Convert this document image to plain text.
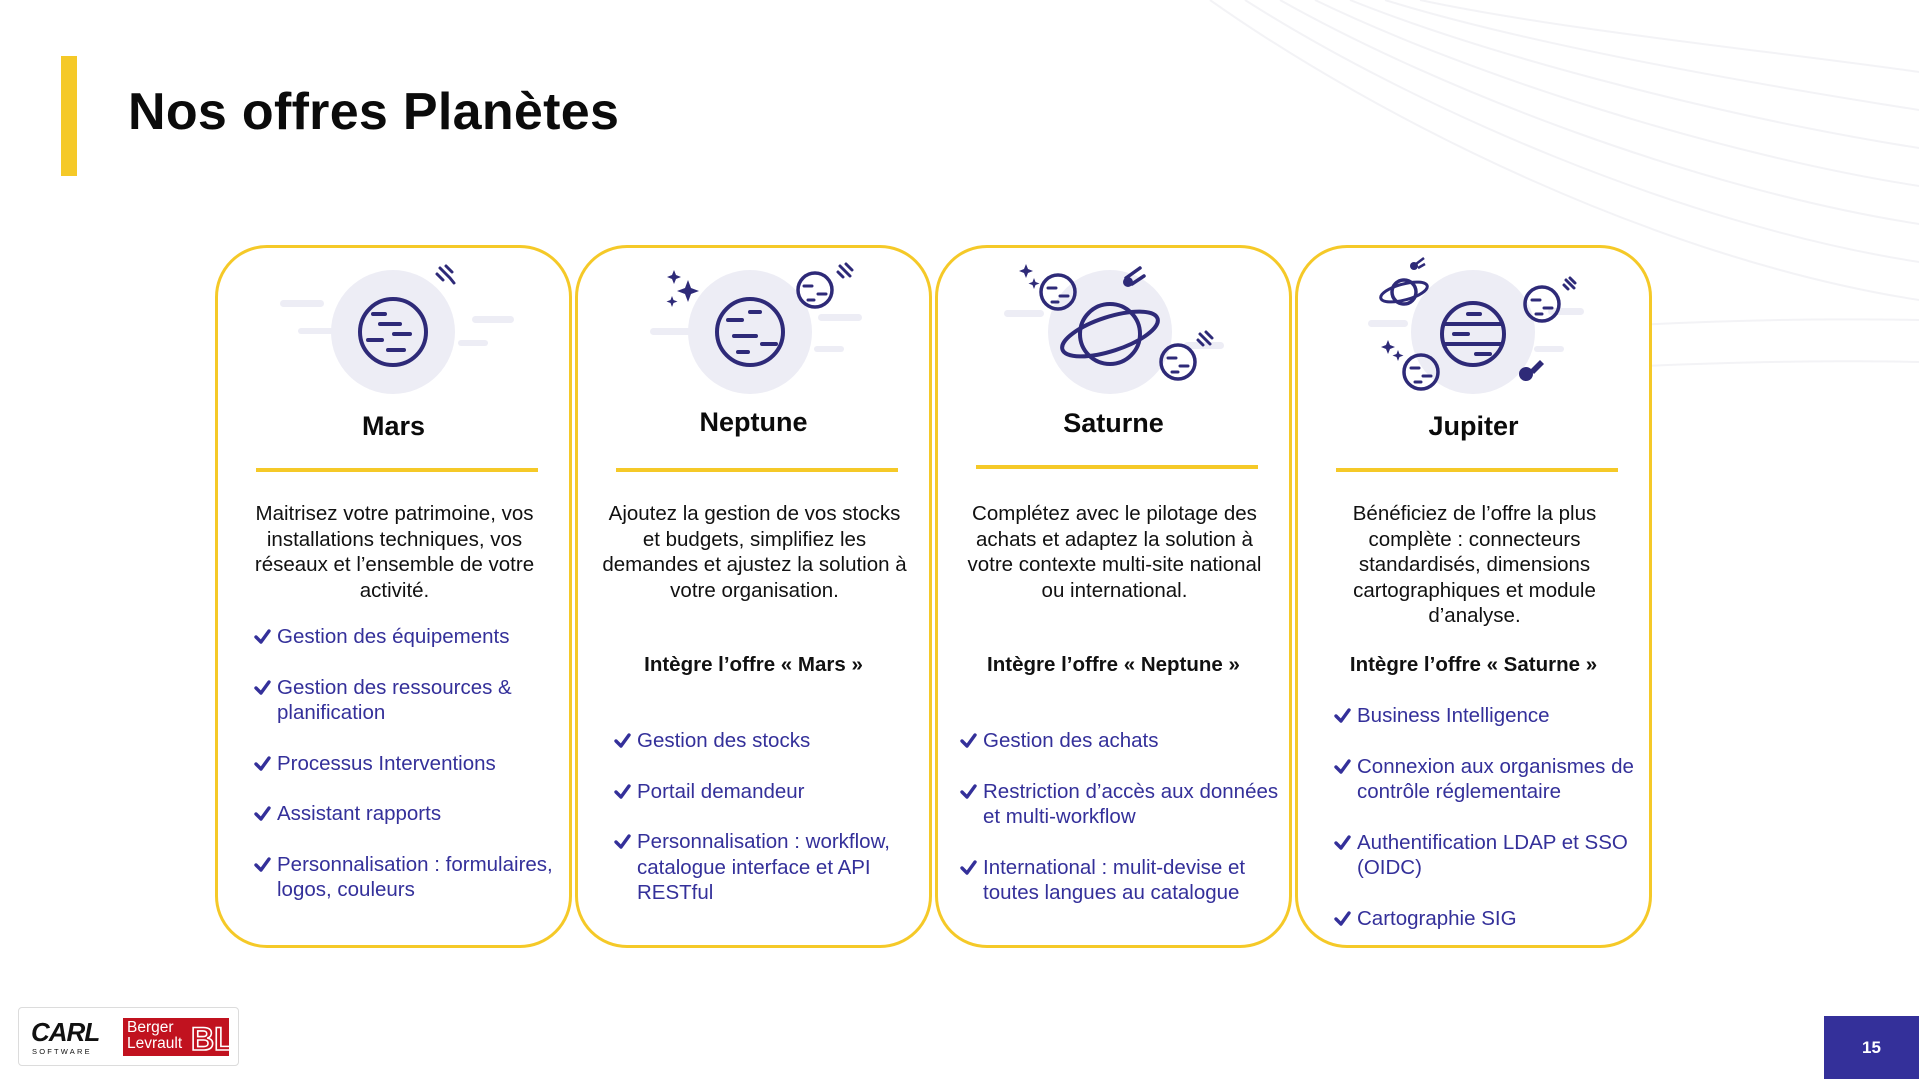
Nos offres Planètes
Mars
Maitrisez votre patrimoine, vos installations techniques, vos réseaux et l’ensemble de votre activité.
Gestion des équipements
Gestion des ressources & planification
Processus Interventions
Assistant rapports
Personnalisation : formulaires, logos, couleurs
Neptune
Ajoutez la gestion de vos stocks et budgets, simplifiez les demandes et ajustez la solution à votre organisation.
Intègre l’offre « Mars »
Gestion des stocks
Portail demandeur
Personnalisation : workflow, catalogue interface et API RESTful
Saturne
Complétez avec le pilotage des achats et adaptez la solution à votre contexte multi-site national ou international.
Intègre l’offre « Neptune »
Gestion des achats
Restriction d’accès aux données et multi-workflow
International : mulit-devise et toutes langues au catalogue
Jupiter
Bénéficiez de l’offre la plus complète : connecteurs standardisés, dimensions cartographiques et module d’analyse.
Intègre l’offre « Saturne »
Business Intelligence
Connexion aux organismes de contrôle réglementaire
Authentification LDAP et SSO (OIDC)
Cartographie SIG
CARL
SOFTWARE
Berger
Levrault BL	15
